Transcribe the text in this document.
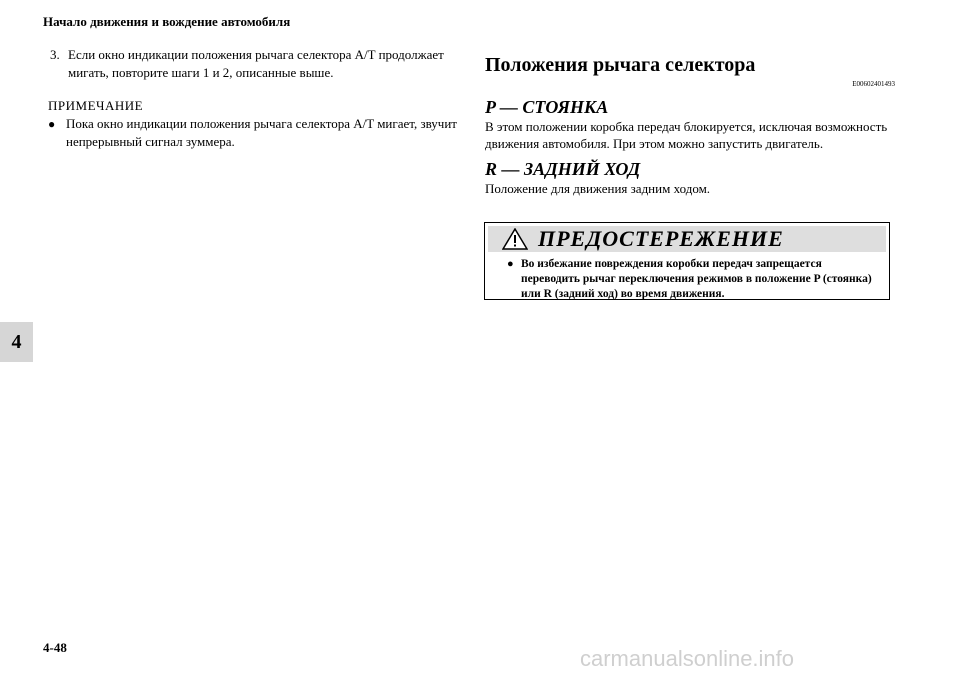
Начало движения и вождение автомобиля
3. Если окно индикации положения рычага селектора A/T продолжает мигать, повторите шаги 1 и 2, описанные выше.
ПРИМЕЧАНИЕ
● Пока окно индикации положения рычага селектора A/T мигает, звучит непрерывный сигнал зуммера.
4
Положения рычага селектора
E00602401493
P — СТОЯНКА
В этом положении коробка передач блокируется, исключая возможность движения автомобиля. При этом можно запустить двигатель.
R — ЗАДНИЙ ХОД
Положение для движения задним ходом.
ПРЕДОСТЕРЕЖЕНИЕ
● Во избежание повреждения коробки передач запрещается переводить рычаг переключения режимов в положение P (стоянка) или R (задний ход) во время движения.
4-48	carmanualsonline.info
